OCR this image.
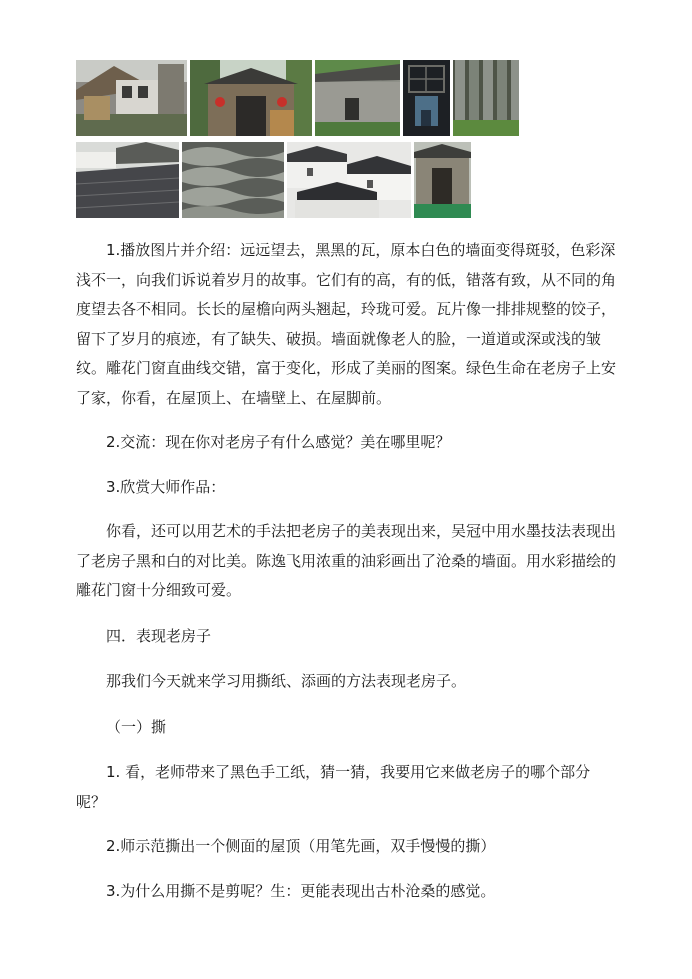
1.播放图片并介绍：远远望去，黑黑的瓦，原本白色的墙面变得斑驳，色彩深浅不一，向我们诉说着岁月的故事。它们有的高，有的低，错落有致，从不同的角度望去各不相同。长长的屋檐向两头翘起，玲珑可爱。瓦片像一排排规整的饺子，留下了岁月的痕迹，有了缺失、破损。墙面就像老人的脸，一道道或深或浅的皱纹。雕花门窗直曲线交错，富于变化，形成了美丽的图案。绿色生命在老房子上安了家，你看，在屋顶上、在墙壁上、在屋脚前。

2.交流：现在你对老房子有什么感觉？美在哪里呢？

3.欣赏大师作品：

你看，还可以用艺术的手法把老房子的美表现出来，吴冠中用水墨技法表现出了老房子黑和白的对比美。陈逸飞用浓重的油彩画出了沧桑的墙面。用水彩描绘的雕花门窗十分细致可爱。

四．表现老房子

那我们今天就来学习用撕纸、添画的方法表现老房子。

（一）撕

1. 看，老师带来了黑色手工纸，猜一猜，我要用它来做老房子的哪个部分呢？

2.师示范撕出一个侧面的屋顶（用笔先画，双手慢慢的撕）

3.为什么用撕不是剪呢？生：更能表现出古朴沧桑的感觉。
